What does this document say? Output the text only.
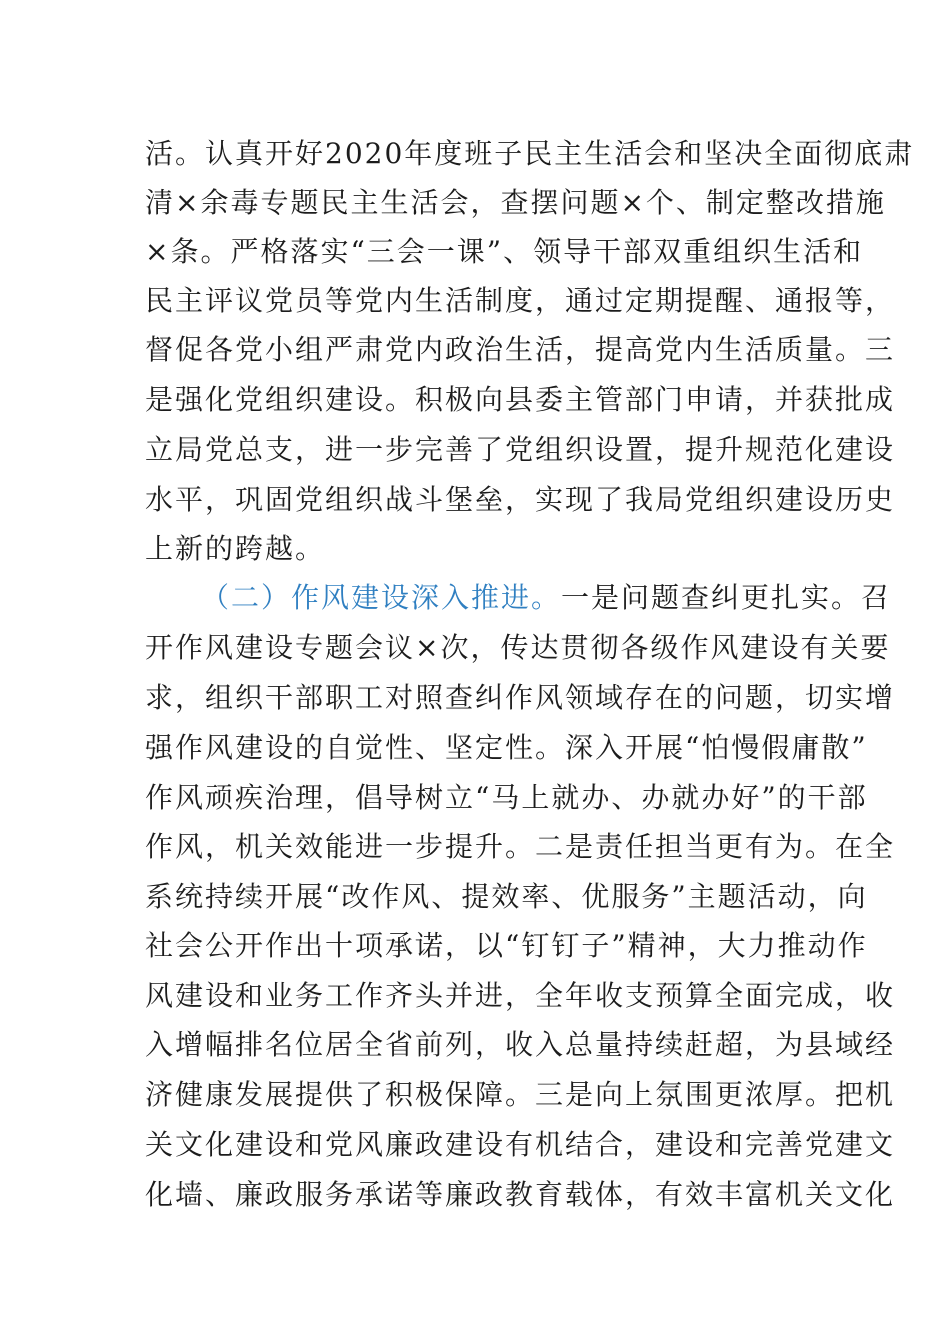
活。认真开好2020年度班子民主生活会和坚决全面彻底肃
清×余毒专题民主生活会，查摆问题×个、制定整改措施
×条。严格落实“三会一课”、领导干部双重组织生活和
民主评议党员等党内生活制度，通过定期提醒、通报等，
督促各党小组严肃党内政治生活，提高党内生活质量。三
是强化党组织建设。积极向县委主管部门申请，并获批成
立局党总支，进一步完善了党组织设置，提升规范化建设
水平，巩固党组织战斗堡垒，实现了我局党组织建设历史
上新的跨越。
（二）作风建设深入推进。一是问题查纠更扎实。召
开作风建设专题会议×次，传达贯彻各级作风建设有关要
求，组织干部职工对照查纠作风领域存在的问题，切实增
强作风建设的自觉性、坚定性。深入开展“怕慢假庸散”
作风顽疾治理，倡导树立“马上就办、办就办好”的干部
作风，机关效能进一步提升。二是责任担当更有为。在全
系统持续开展“改作风、提效率、优服务”主题活动，向
社会公开作出十项承诺，以“钉钉子”精神，大力推动作
风建设和业务工作齐头并进，全年收支预算全面完成，收
入增幅排名位居全省前列，收入总量持续赶超，为县域经
济健康发展提供了积极保障。三是向上氛围更浓厚。把机
关文化建设和党风廉政建设有机结合，建设和完善党建文
化墙、廉政服务承诺等廉政教育载体，有效丰富机关文化
